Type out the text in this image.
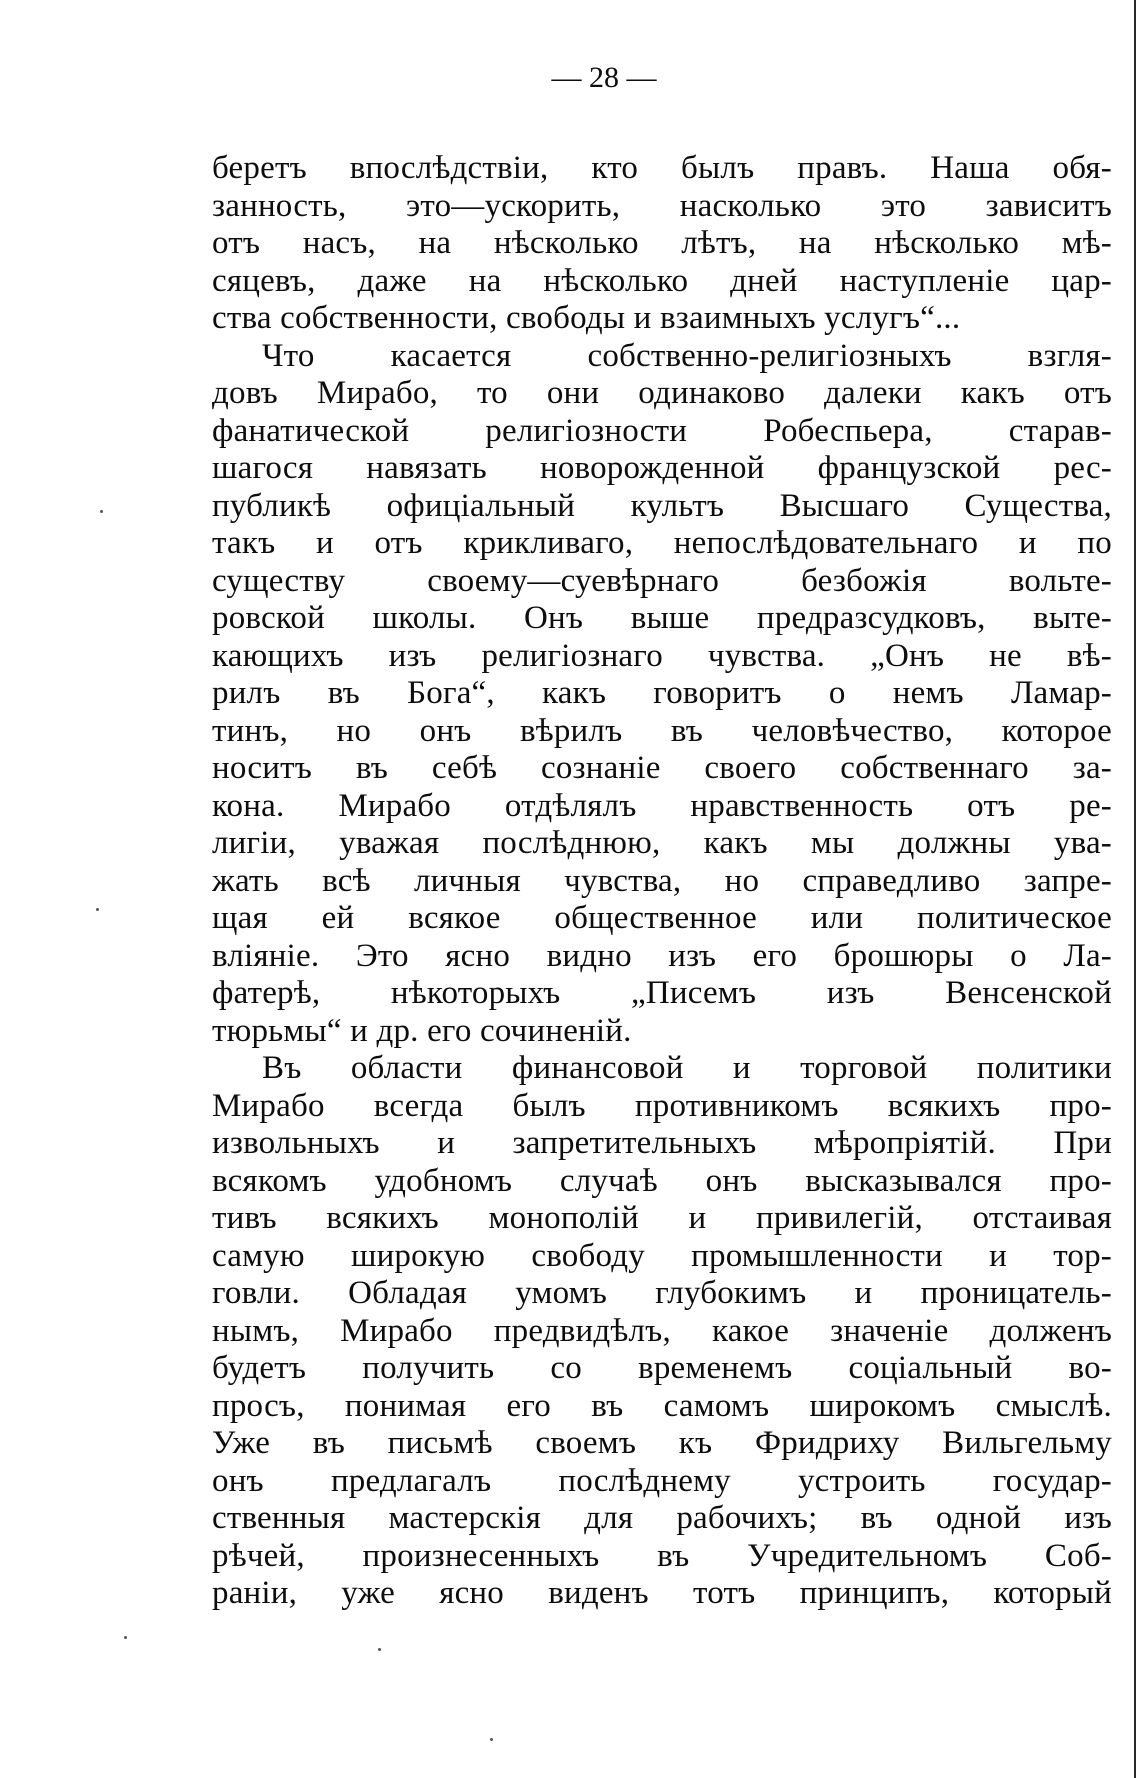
— 28 —
беретъ впослѣдствіи, кто былъ правъ. Наша обя-
занность, это—ускорить, насколько это зависитъ
отъ насъ, на нѣсколько лѣтъ, на нѣсколько мѣ-
сяцевъ, даже на нѣсколько дней наступленіе цар-
ства собственности, свободы и взаимныхъ услугъ“...
Что касается собственно-религіозныхъ взгля-
довъ Мирабо, то они одинаково далеки какъ отъ
фанатической религіозности Робеспьера, старав-
шагося навязать новорожденной французской рес-
публикѣ офиціальный культъ Высшаго Существа,
такъ и отъ крикливаго, непослѣдовательнаго и по
существу своему—суевѣрнаго безбожія вольтe-
ровской школы. Онъ выше предразсудковъ, выте-
кающихъ изъ религіознаго чувства. „Онъ не вѣ-
рилъ въ Бога“, какъ говоритъ о немъ Ламар-
тинъ, но онъ вѣрилъ въ человѣчество, которое
носитъ въ себѣ сознаніе своего собственнаго за-
кона. Мирабо отдѣлялъ нравственность отъ ре-
лигіи, уважая послѣднюю, какъ мы должны ува-
жать всѣ личныя чувства, но справедливо запре-
щая ей всякое общественное или политическое
вліяніе. Это ясно видно изъ его брошюры о Ла-
фатерѣ, нѣкоторыхъ „Писемъ изъ Венсенской
тюрьмы“ и др. его сочиненій.
Въ области финансовой и торговой политики
Мирабо всегда былъ противникомъ всякихъ про-
извольныхъ и запретительныхъ мѣропріятій. При
всякомъ удобномъ случаѣ онъ высказывался про-
тивъ всякихъ монополій и привилегій, отстаивая
самую широкую свободу промышленности и тор-
говли. Обладая умомъ глубокимъ и проницатель-
нымъ, Мирабо предвидѣлъ, какое значеніе долженъ
будетъ получить со временемъ соціальный во-
просъ, понимая его въ самомъ широкомъ смыслѣ.
Уже въ письмѣ своемъ къ Фридриху Вильгельму
онъ предлагалъ послѣднему устроить государ-
ственныя мастерскія для рабочихъ; въ одной изъ
рѣчей, произнесенныхъ въ Учредительномъ Соб-
раніи, уже ясно виденъ тотъ принципъ, который
